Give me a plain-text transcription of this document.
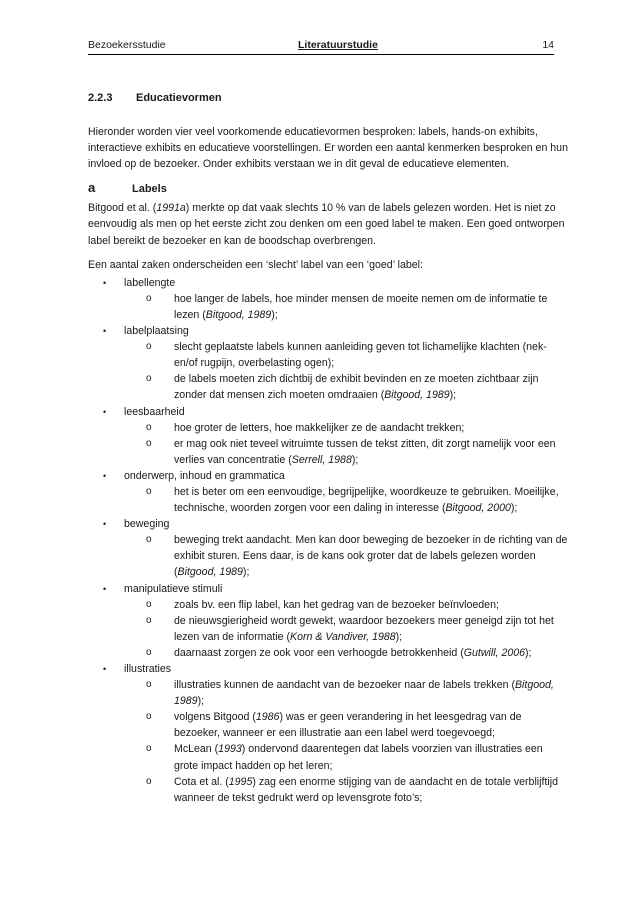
Bezoekersstudie	Literatuurstudie	14
2.2.3 Educatievormen

Hieronder worden vier veel voorkomende educatievormen besproken: labels, hands-on exhibits, interactieve exhibits en educatieve voorstellingen. Er worden een aantal kenmerken besproken en hun invloed op de bezoeker. Onder exhibits verstaan we in dit geval de educatieve elementen.

a	Labels

Bitgood et al. (1991a) merkte op dat vaak slechts 10 % van de labels gelezen worden. Het is niet zo eenvoudig als men op het eerste zicht zou denken om een goed label te maken. Een goed ontworpen label bereikt de bezoeker en kan de boodschap overbrengen.

Een aantal zaken onderscheiden een ‘slecht’ label van een ‘goed’ label:

• labellengte
o hoe langer de labels, hoe minder mensen de moeite nemen om de informatie te lezen (Bitgood, 1989);
• labelplaatsing
o slecht geplaatste labels kunnen aanleiding geven tot lichamelijke klachten (nek- en/of rugpijn, overbelasting ogen);
o de labels moeten zich dichtbij de exhibit bevinden en ze moeten zichtbaar zijn zonder dat mensen zich moeten omdraaien (Bitgood, 1989);
• leesbaarheid
o hoe groter de letters, hoe makkelijker ze de aandacht trekken;
o er mag ook niet teveel witruimte tussen de tekst zitten, dit zorgt namelijk voor een verlies van concentratie (Serrell, 1988);
• onderwerp, inhoud en grammatica
o het is beter om een eenvoudige, begrijpelijke, woordkeuze te gebruiken. Moeilijke, technische, woorden zorgen voor een daling in interesse (Bitgood, 2000);
• beweging
o beweging trekt aandacht. Men kan door beweging de bezoeker in de richting van de exhibit sturen. Eens daar, is de kans ook groter dat de labels gelezen worden (Bitgood, 1989);
• manipulatieve stimuli
o zoals bv. een flip label, kan het gedrag van de bezoeker beïnvloeden;
o de nieuwsgierigheid wordt gewekt, waardoor bezoekers meer geneigd zijn tot het lezen van de informatie (Korn & Vandiver, 1988);
o daarnaast zorgen ze ook voor een verhoogde betrokkenheid (Gutwill, 2006);
• illustraties
o illustraties kunnen de aandacht van de bezoeker naar de labels trekken (Bitgood, 1989);
o volgens Bitgood (1986) was er geen verandering in het leesgedrag van de bezoeker, wanneer er een illustratie aan een label werd toegevoegd;
o McLean (1993) ondervond daarentegen dat labels voorzien van illustraties een grote impact hadden op het leren;
o Cota et al. (1995) zag een enorme stijging van de aandacht en de totale verblijftijd wanneer de tekst gedrukt werd op levensgrote foto’s;
